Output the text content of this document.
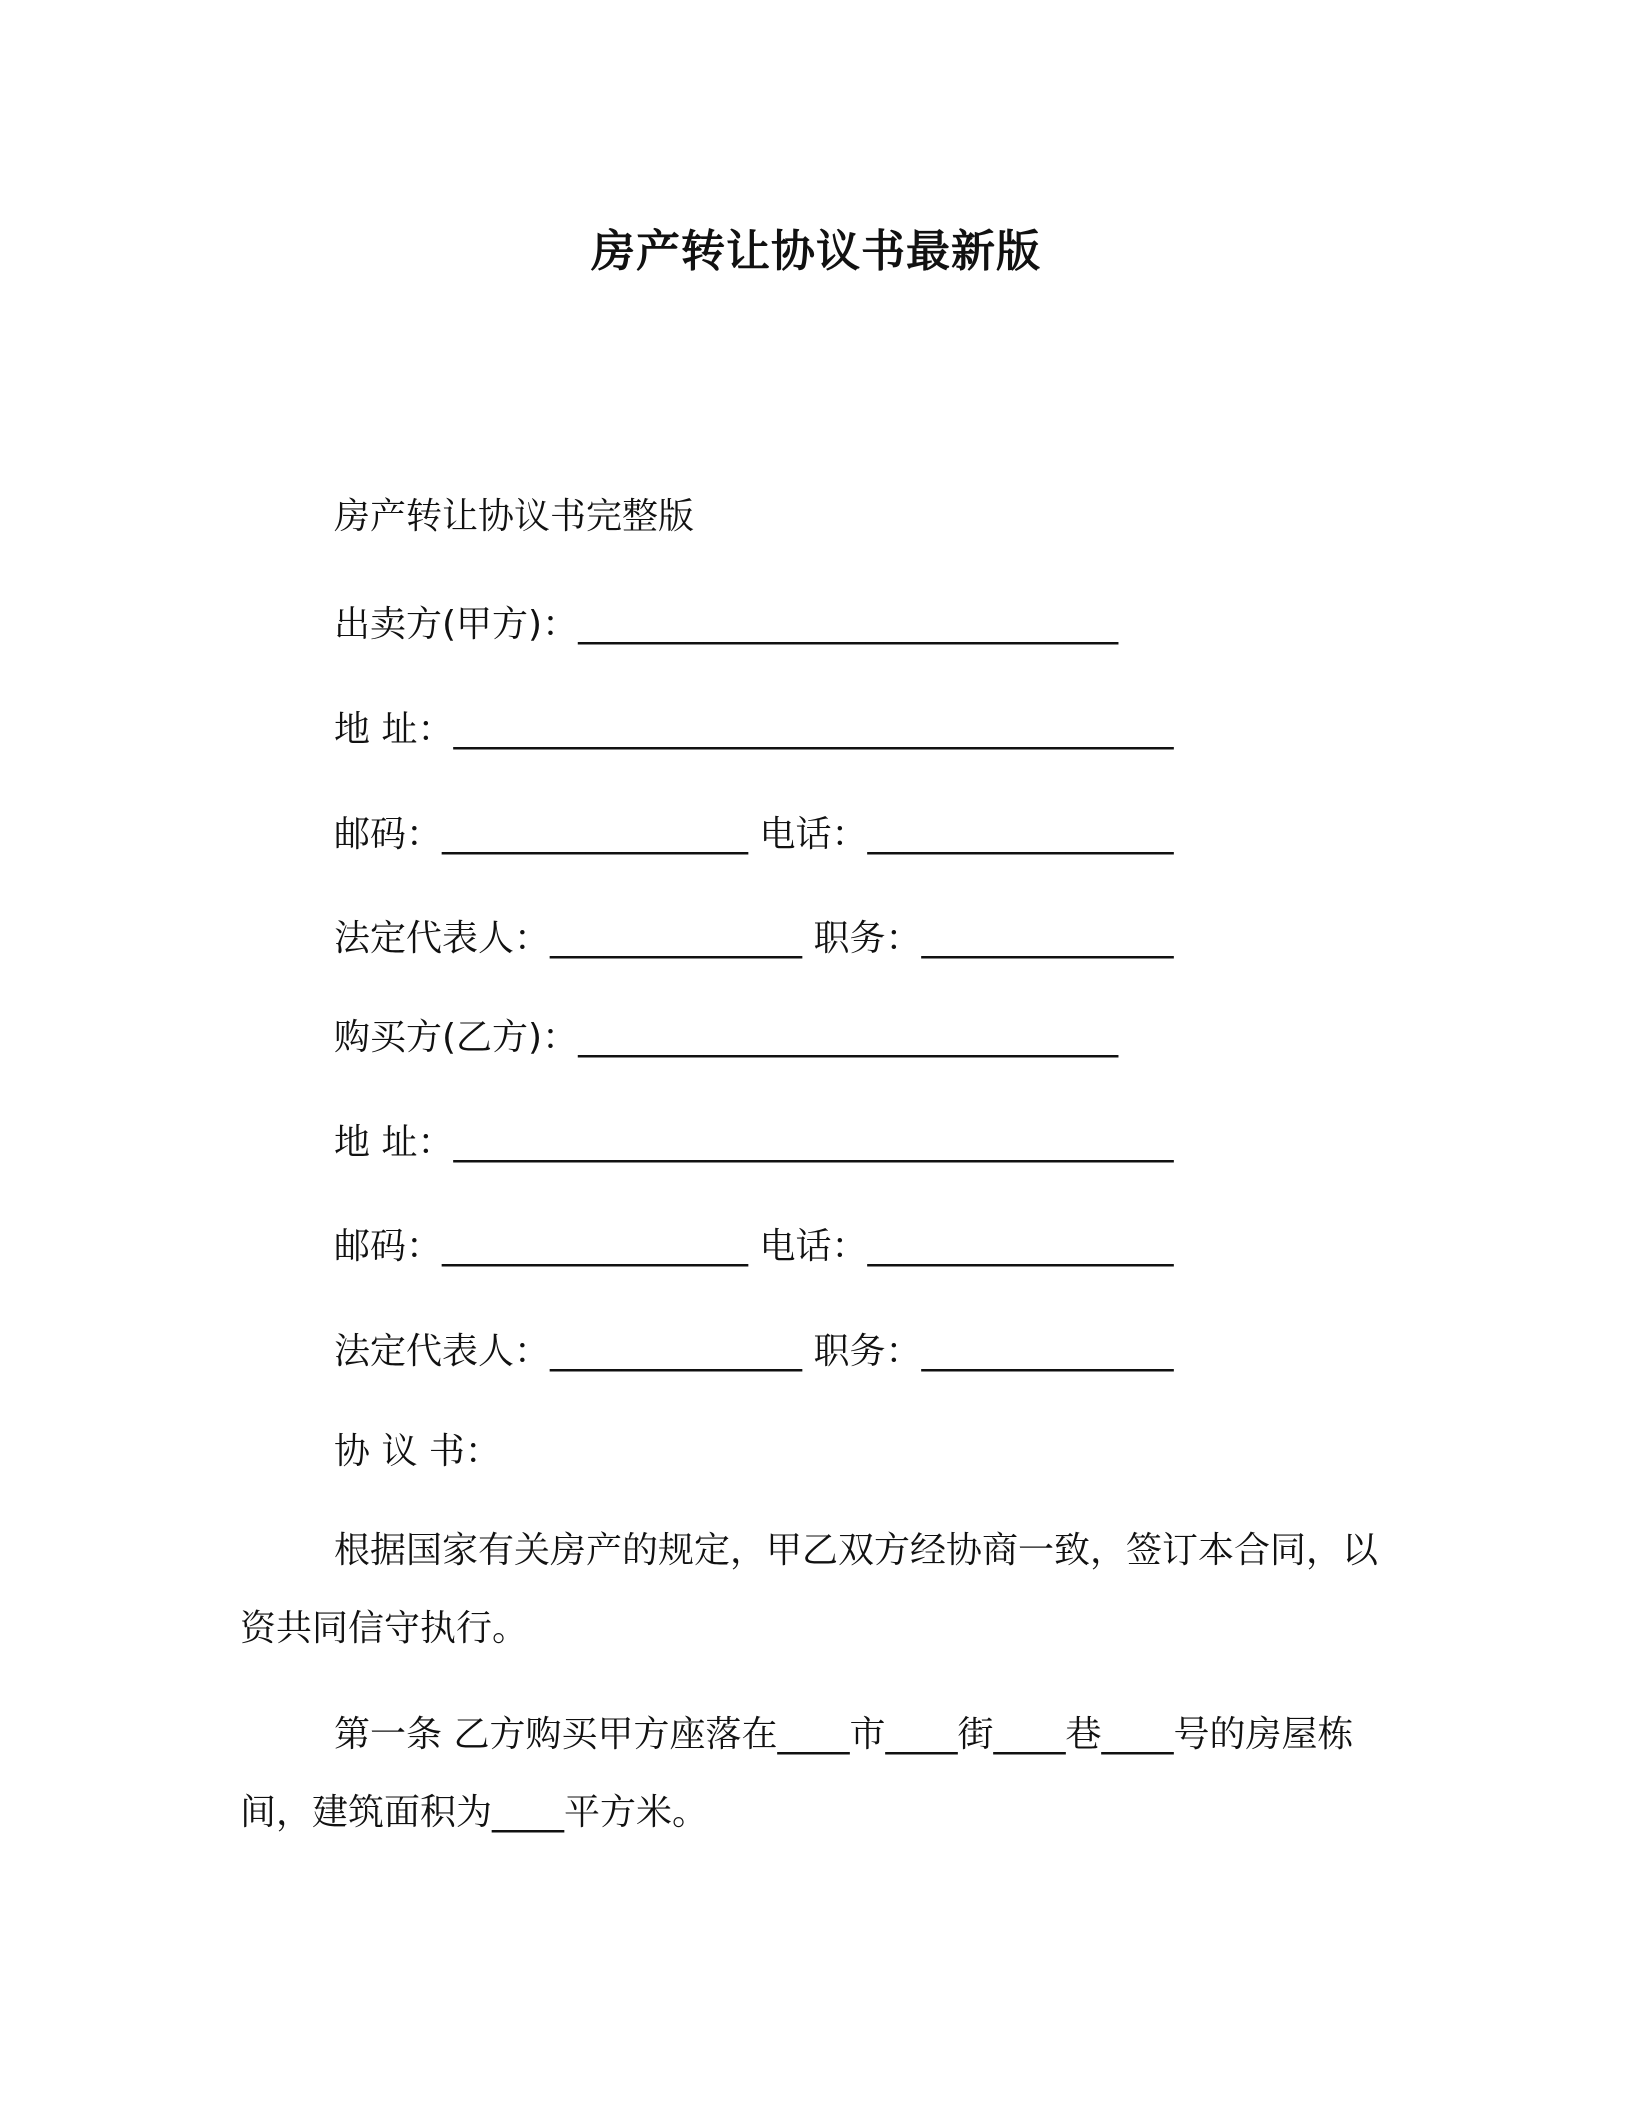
房产转让协议书最新版
房产转让协议书完整版
出卖方(甲方)：______________________________
地 址：________________________________________
邮码：_________________ 电话：_________________
法定代表人：______________ 职务：______________
购买方(乙方)：______________________________
地 址：________________________________________
邮码：_________________ 电话：_________________
法定代表人：______________ 职务：______________
协 议 书：
根据国家有关房产的规定，甲乙双方经协商一致，签订本合同，以资共同信守执行。
第一条 乙方购买甲方座落在____市____街____巷____号的房屋栋 间，建筑面积为____平方米。
